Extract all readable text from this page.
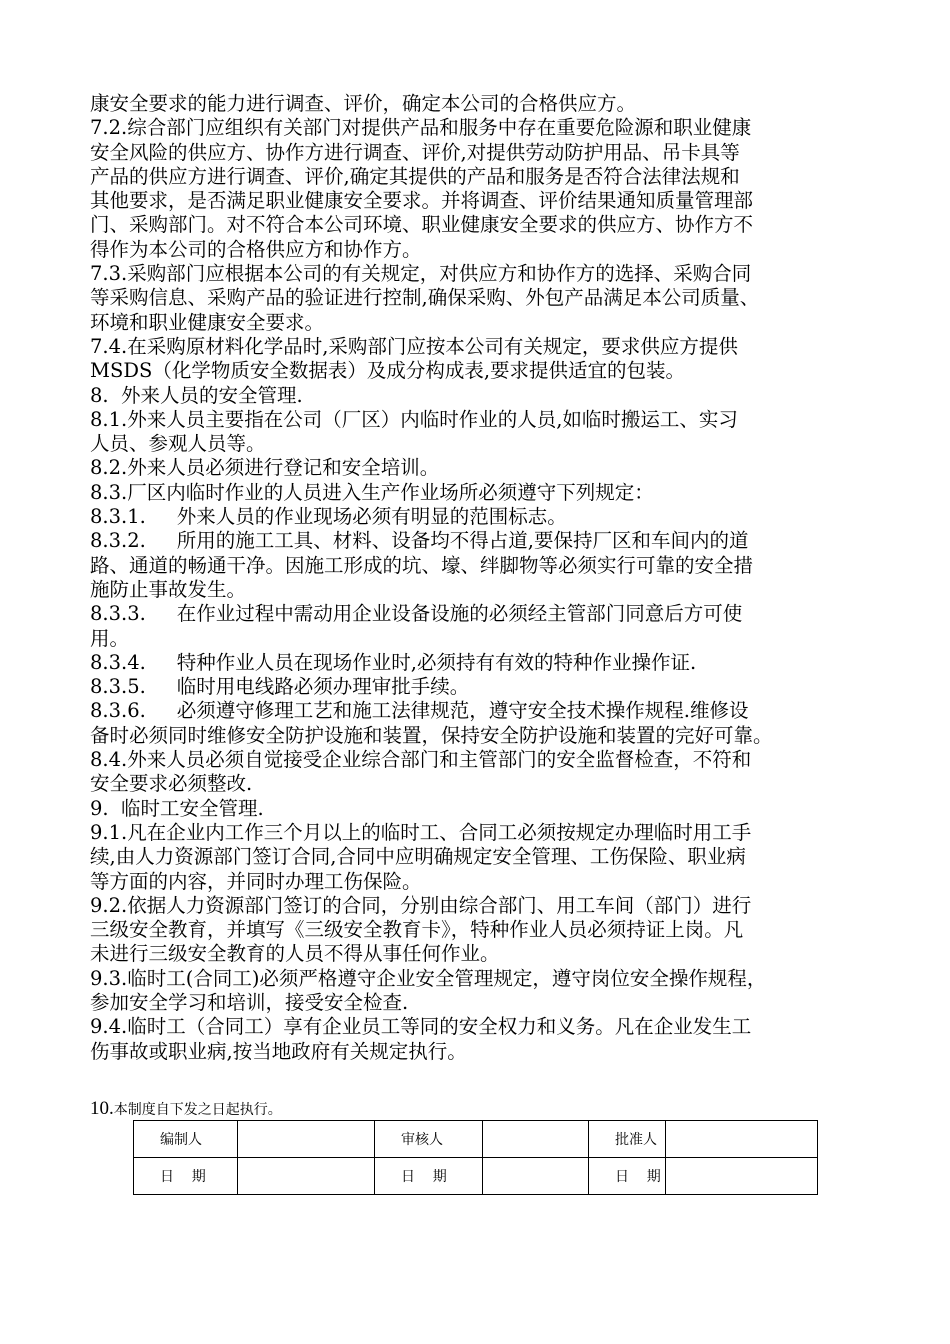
康安全要求的能力进行调查、评价，确定本公司的合格供应方。
7.2.综合部门应组织有关部门对提供产品和服务中存在重要危险源和职业健康
安全风险的供应方、协作方进行调查、评价,对提供劳动防护用品、吊卡具等
产品的供应方进行调查、评价,确定其提供的产品和服务是否符合法律法规和
其他要求，是否满足职业健康安全要求。并将调查、评价结果通知质量管理部
门、采购部门。对不符合本公司环境、职业健康安全要求的供应方、协作方不
得作为本公司的合格供应方和协作方。
7.3.采购部门应根据本公司的有关规定，对供应方和协作方的选择、采购合同
等采购信息、采购产品的验证进行控制,确保采购、外包产品满足本公司质量、
环境和职业健康安全要求。
7.4.在采购原材料化学品时,采购部门应按本公司有关规定，要求供应方提供
MSDS（化学物质安全数据表）及成分构成表,要求提供适宜的包装。
8.  外来人员的安全管理.
8.1.外来人员主要指在公司（厂区）内临时作业的人员,如临时搬运工、实习
人员、参观人员等。
8.2.外来人员必须进行登记和安全培训。
8.3.厂区内临时作业的人员进入生产作业场所必须遵守下列规定：
8.3.1.     外来人员的作业现场必须有明显的范围标志。
8.3.2.     所用的施工工具、材料、设备均不得占道,要保持厂区和车间内的道
路、通道的畅通干净。因施工形成的坑、壕、绊脚物等必须实行可靠的安全措
施防止事故发生。
8.3.3.     在作业过程中需动用企业设备设施的必须经主管部门同意后方可使
用。
8.3.4.     特种作业人员在现场作业时,必须持有有效的特种作业操作证.
8.3.5.     临时用电线路必须办理审批手续。
8.3.6.     必须遵守修理工艺和施工法律规范，遵守安全技术操作规程.维修设
备时必须同时维修安全防护设施和装置，保持安全防护设施和装置的完好可靠。
8.4.外来人员必须自觉接受企业综合部门和主管部门的安全监督检查，不符和
安全要求必须整改.
9.  临时工安全管理.
9.1.凡在企业内工作三个月以上的临时工、合同工必须按规定办理临时用工手
续,由人力资源部门签订合同,合同中应明确规定安全管理、工伤保险、职业病
等方面的内容，并同时办理工伤保险。
9.2.依据人力资源部门签订的合同，分别由综合部门、用工车间（部门）进行
三级安全教育，并填写《三级安全教育卡》，特种作业人员必须持证上岗。凡
未进行三级安全教育的人员不得从事任何作业。
9.3.临时工(合同工)必须严格遵守企业安全管理规定，遵守岗位安全操作规程，
参加安全学习和培训，接受安全检查.
9.4.临时工（合同工）享有企业员工等同的安全权力和义务。凡在企业发生工
伤事故或职业病,按当地政府有关规定执行。
10.本制度自下发之日起执行。
编制人		审核人		批准人	
日    期		日    期		日    期	
